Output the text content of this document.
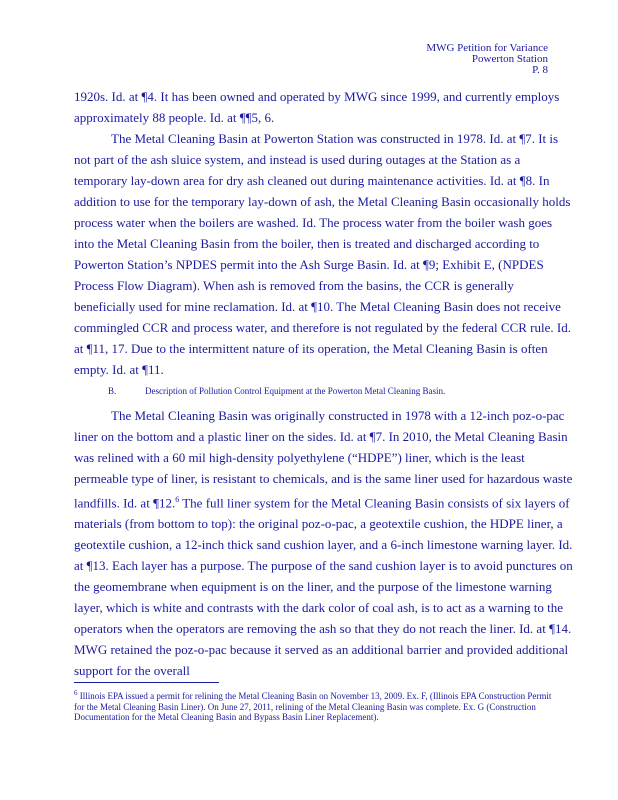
MWG Petition for Variance
Powerton Station
P. 8

1920s. Id. at ¶4. It has been owned and operated by MWG since 1999, and currently employs approximately 88 people. Id. at ¶¶5, 6.

The Metal Cleaning Basin at Powerton Station was constructed in 1978. Id. at ¶7. It is not part of the ash sluice system, and instead is used during outages at the Station as a temporary lay-down area for dry ash cleaned out during maintenance activities. Id. at ¶8. In addition to use for the temporary lay-down of ash, the Metal Cleaning Basin occasionally holds process water when the boilers are washed. Id. The process water from the boiler wash goes into the Metal Cleaning Basin from the boiler, then is treated and discharged according to Powerton Station’s NPDES permit into the Ash Surge Basin. Id. at ¶9; Exhibit E, (NPDES Process Flow Diagram). When ash is removed from the basins, the CCR is generally beneficially used for mine reclamation. Id. at ¶10. The Metal Cleaning Basin does not receive commingled CCR and process water, and therefore is not regulated by the federal CCR rule. Id. at ¶11, 17. Due to the intermittent nature of its operation, the Metal Cleaning Basin is often empty. Id. at ¶11.

B.	Description of Pollution Control Equipment at the Powerton Metal Cleaning Basin.

The Metal Cleaning Basin was originally constructed in 1978 with a 12-inch poz-o-pac liner on the bottom and a plastic liner on the sides. Id. at ¶7. In 2010, the Metal Cleaning Basin was relined with a 60 mil high-density polyethylene (“HDPE”) liner, which is the least permeable type of liner, is resistant to chemicals, and is the same liner used for hazardous waste landfills. Id. at ¶12.$^6$ The full liner system for the Metal Cleaning Basin consists of six layers of materials (from bottom to top): the original poz-o-pac, a geotextile cushion, the HDPE liner, a geotextile cushion, a 12-inch thick sand cushion layer, and a 6-inch limestone warning layer. Id. at ¶13. Each layer has a purpose. The purpose of the sand cushion layer is to avoid punctures on the geomembrane when equipment is on the liner, and the purpose of the limestone warning layer, which is white and contrasts with the dark color of coal ash, is to act as a warning to the operators when the operators are removing the ash so that they do not reach the liner. Id. at ¶14. MWG retained the poz-o-pac because it served as an additional barrier and provided additional support for the overall

$^6$ Illinois EPA issued a permit for relining the Metal Cleaning Basin on November 13, 2009. Ex. F, (Illinois EPA Construction Permit for the Metal Cleaning Basin Liner). On June 27, 2011, relining of the Metal Cleaning Basin was complete. Ex. G (Construction Documentation for the Metal Cleaning Basin and Bypass Basin Liner Replacement).
